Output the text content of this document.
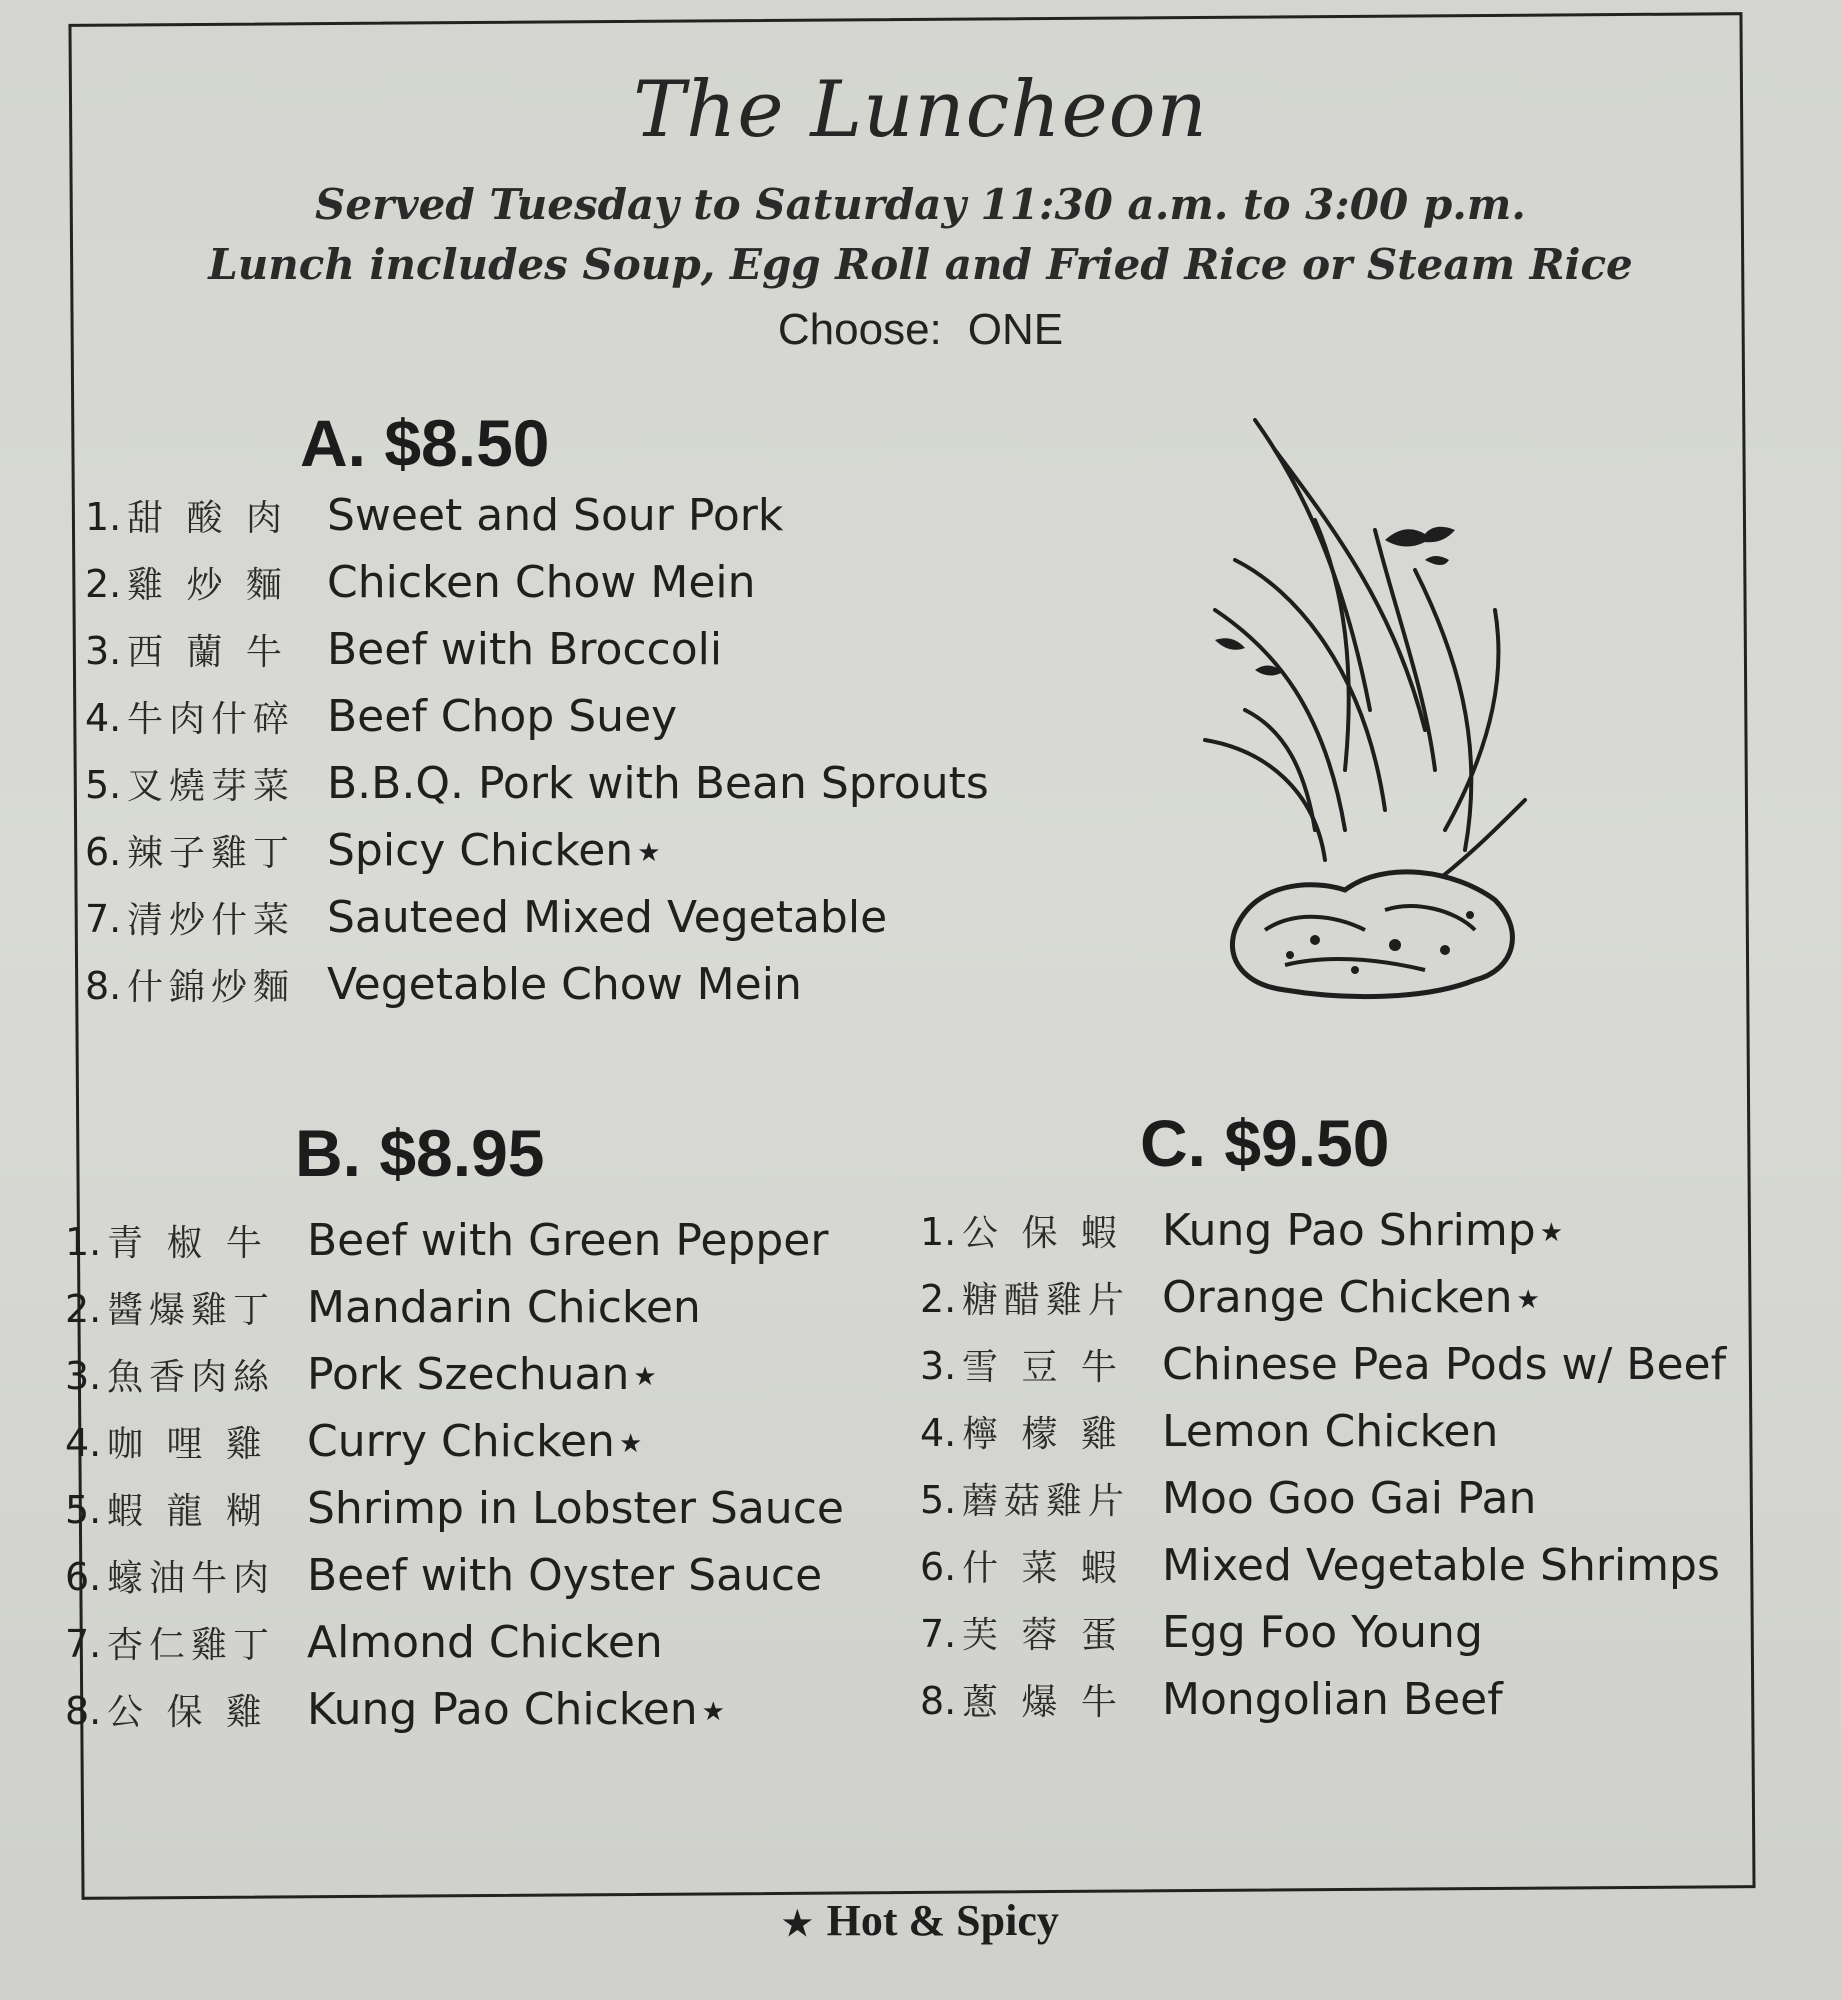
The Luncheon
Served Tuesday to Saturday 11:30 a.m. to 3:00 p.m.
Lunch includes Soup, Egg Roll and Fried Rice or Steam Rice
Choose: ONE
A. $8.50
1. 甜 酸 肉 Sweet and Sour Pork
2. 雞 炒 麵 Chicken Chow Mein
3. 西 蘭 牛 Beef with Broccoli
4. 牛肉什碎 Beef Chop Suey
5. 叉燒芽菜 B.B.Q. Pork with Bean Sprouts
6. 辣子雞丁 Spicy Chicken ★
7. 清炒什菜 Sauteed Mixed Vegetable
8. 什錦炒麵 Vegetable Chow Mein
B. $8.95
1. 青 椒 牛 Beef with Green Pepper
2. 醬爆雞丁 Mandarin Chicken
3. 魚香肉絲 Pork Szechuan ★
4. 咖 哩 雞 Curry Chicken ★
5. 蝦 龍 糊 Shrimp in Lobster Sauce
6. 蠔油牛肉 Beef with Oyster Sauce
7. 杏仁雞丁 Almond Chicken
8. 公 保 雞 Kung Pao Chicken ★
C. $9.50
1. 公 保 蝦 Kung Pao Shrimp ★
2. 糖醋雞片 Orange Chicken ★
3. 雪 豆 牛 Chinese Pea Pods w/ Beef
4. 檸 檬 雞 Lemon Chicken
5. 蘑菇雞片 Moo Goo Gai Pan
6. 什 菜 蝦 Mixed Vegetable Shrimps
7. 芙 蓉 蛋 Egg Foo Young
8. 蔥 爆 牛 Mongolian Beef
★ Hot & Spicy
